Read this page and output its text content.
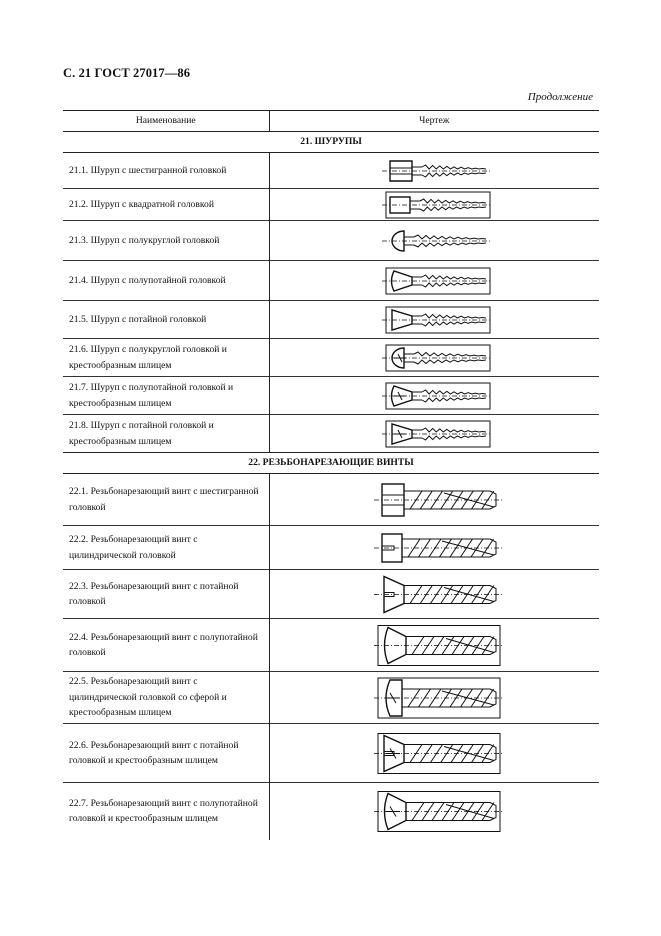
С. 21 ГОСТ 27017—86
Продолжение
Наименование	Чертеж
21. ШУРУПЫ	
21.1. Шуруп с шестигранной головкой	

21.2. Шуруп с квадратной головкой	

21.3. Шуруп с полукруглой головкой	

21.4. Шуруп с полупотайной головкой	

21.5. Шуруп с потайной головкой	

21.6. Шуруп с полукруглой головкой и крестообразным шлицем	

21.7. Шуруп с полупотайной головкой и крестообразным шлицем	

21.8. Шуруп с потайной головкой и крестообразным шлицем	

22. РЕЗЬБОНАРЕЗАЮЩИЕ ВИНТЫ	
22.1. Резьбонарезающий винт с шестигранной головкой	

22.2. Резьбонарезающий винт с цилиндрической головкой	

22.3. Резьбонарезающий винт с потайной головкой	

22.4. Резьбонарезающий винт с полупотайной головкой	

22.5. Резьбонарезающий винт с цилиндрической головкой со сферой и крестообразным шлицем	

22.6. Резьбонарезающий винт с потайной головкой и крестообразным шлицем	

22.7. Резьбонарезающий винт с полупотайной головкой и крестообразным шлицем	
